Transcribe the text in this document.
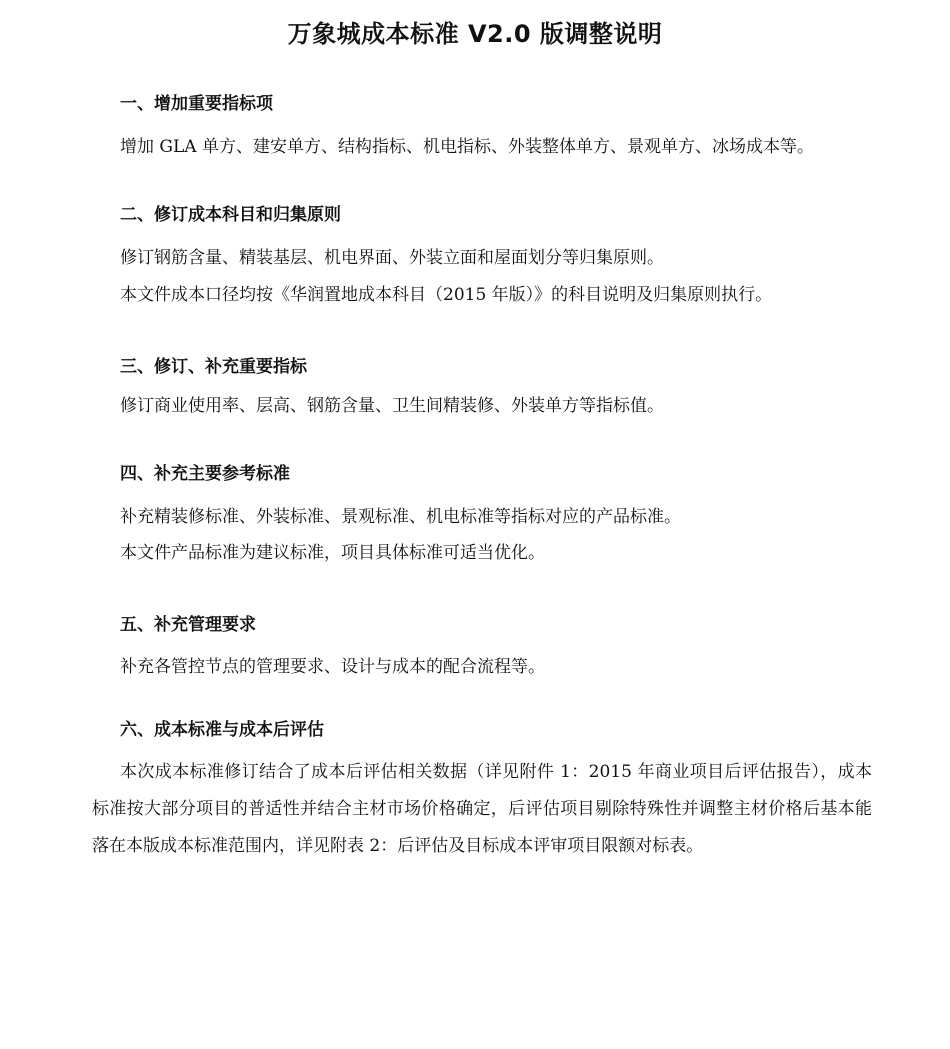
万象城成本标准 V2.0 版调整说明
一、增加重要指标项
增加 GLA 单方、建安单方、结构指标、机电指标、外装整体单方、景观单方、冰场成本等。
二、修订成本科目和归集原则
修订钢筋含量、精装基层、机电界面、外装立面和屋面划分等归集原则。
本文件成本口径均按《华润置地成本科目（2015 年版）》的科目说明及归集原则执行。
三、修订、补充重要指标
修订商业使用率、层高、钢筋含量、卫生间精装修、外装单方等指标值。
四、补充主要参考标准
补充精装修标准、外装标准、景观标准、机电标准等指标对应的产品标准。
本文件产品标准为建议标准，项目具体标准可适当优化。
五、补充管理要求
补充各管控节点的管理要求、设计与成本的配合流程等。
六、成本标准与成本后评估
本次成本标准修订结合了成本后评估相关数据（详见附件 1：2015 年商业项目后评估报告），成本标准按大部分项目的普适性并结合主材市场价格确定，后评估项目剔除特殊性并调整主材价格后基本能落在本版成本标准范围内，详见附表 2：后评估及目标成本评审项目限额对标表。
